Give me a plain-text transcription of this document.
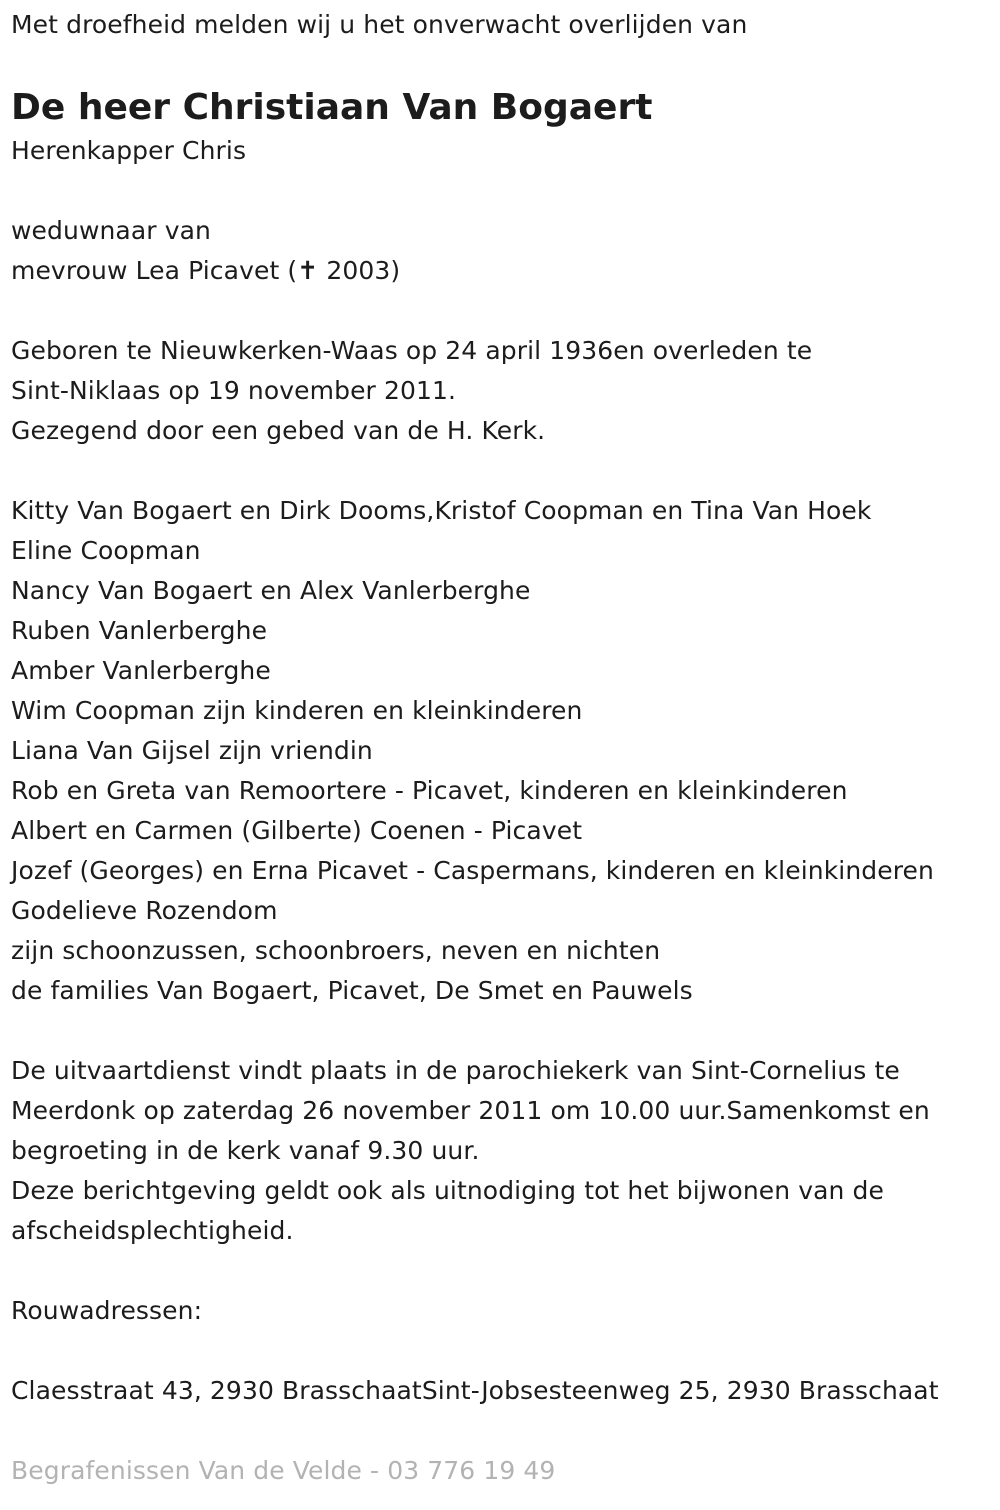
Met droefheid melden wij u het onverwacht overlijden van
De heer Christiaan Van Bogaert
Herenkapper Chris
weduwnaar van
mevrouw Lea Picavet (✝ 2003)
Geboren te Nieuwkerken-Waas op 24 april 1936en overleden te
Sint-Niklaas op 19 november 2011.
Gezegend door een gebed van de H. Kerk.
Kitty Van Bogaert en Dirk Dooms,Kristof Coopman en Tina Van Hoek
Eline Coopman
Nancy Van Bogaert en Alex Vanlerberghe
Ruben Vanlerberghe
Amber Vanlerberghe
Wim Coopman zijn kinderen en kleinkinderen
Liana Van Gijsel zijn vriendin
Rob en Greta van Remoortere - Picavet, kinderen en kleinkinderen
Albert en Carmen (Gilberte) Coenen - Picavet
Jozef (Georges) en Erna Picavet - Caspermans, kinderen en kleinkinderen
Godelieve Rozendom
zijn schoonzussen, schoonbroers, neven en nichten
de families Van Bogaert, Picavet, De Smet en Pauwels
De uitvaartdienst vindt plaats in de parochiekerk van Sint-Cornelius te
Meerdonk op zaterdag 26 november 2011 om 10.00 uur.Samenkomst en
begroeting in de kerk vanaf 9.30 uur.
Deze berichtgeving geldt ook als uitnodiging tot het bijwonen van de
afscheidsplechtigheid.
Rouwadressen:
Claesstraat 43, 2930 BrasschaatSint-Jobsesteenweg 25, 2930 Brasschaat
Begrafenissen Van de Velde - 03 776 19 49
